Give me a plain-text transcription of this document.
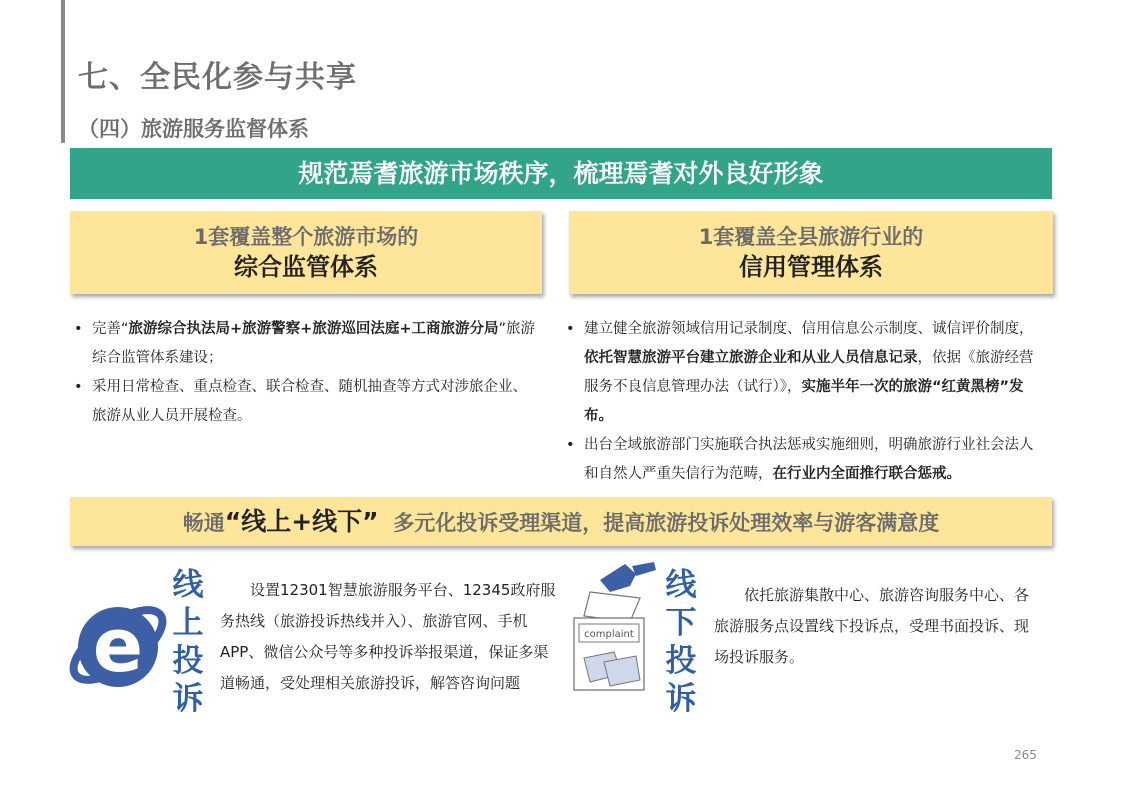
七、全民化参与共享
（四）旅游服务监督体系
规范焉耆旅游市场秩序，梳理焉耆对外良好形象
1套覆盖整个旅游市场的
综合监管体系
1套覆盖全县旅游行业的
信用管理体系
• 完善“旅游综合执法局+旅游警察+旅游巡回法庭+工商旅游分局”旅游综合监管体系建设；
• 采用日常检查、重点检查、联合检查、随机抽查等方式对涉旅企业、旅游从业人员开展检查。
• 建立健全旅游领域信用记录制度、信用信息公示制度、诚信评价制度，依托智慧旅游平台建立旅游企业和从业人员信息记录，依据《旅游经营服务不良信息管理办法（试行）》，实施半年一次的旅游“红黄黑榜”发布。
• 出台全域旅游部门实施联合执法惩戒实施细则，明确旅游行业社会法人和自然人严重失信行为范畴，在行业内全面推行联合惩戒。
畅通“线上+线下” 多元化投诉受理渠道，提高旅游投诉处理效率与游客满意度
e
线
上
投
诉
  设置12301智慧旅游服务平台、12345政府服务热线（旅游投诉热线并入）、旅游官网、手机APP、微信公众号等多种投诉举报渠道，保证多渠道畅通，受处理相关旅游投诉，解答咨询问题
complaint
线
下
投
诉
  依托旅游集散中心、旅游咨询服务中心、各旅游服务点设置线下投诉点，受理书面投诉、现场投诉服务。
265
